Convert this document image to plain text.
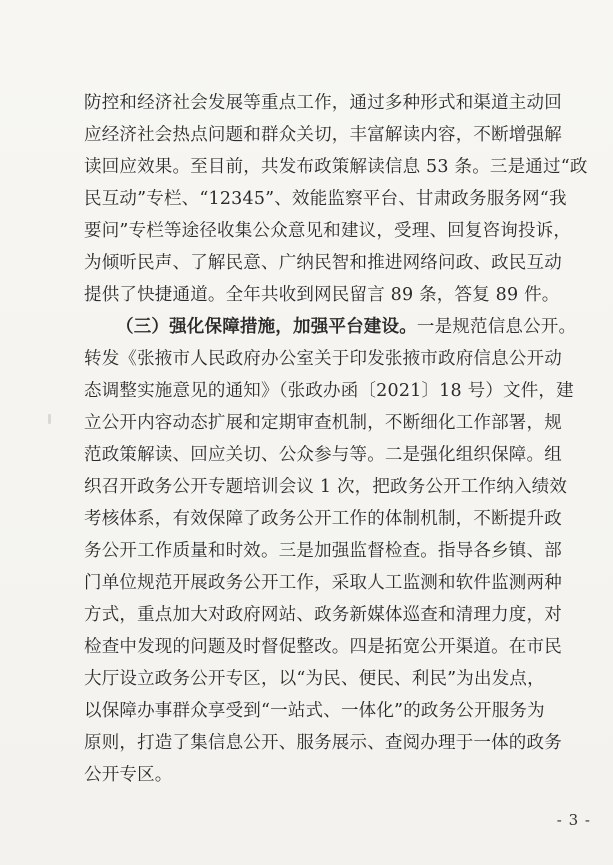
防控和经济社会发展等重点工作，通过多种形式和渠道主动回
应经济社会热点问题和群众关切，丰富解读内容，不断增强解
读回应效果。至目前，共发布政策解读信息 53 条。三是通过“政
民互动”专栏、“12345”、效能监察平台、甘肃政务服务网“我
要问”专栏等途径收集公众意见和建议，受理、回复咨询投诉，
为倾听民声、了解民意、广纳民智和推进网络问政、政民互动
提供了快捷通道。全年共收到网民留言 89 条，答复 89 件。
（三）强化保障措施，加强平台建设。一是规范信息公开。
转发《张掖市人民政府办公室关于印发张掖市政府信息公开动
态调整实施意见的通知》（张政办函〔2021〕18 号）文件，建
立公开内容动态扩展和定期审查机制，不断细化工作部署，规
范政策解读、回应关切、公众参与等。二是强化组织保障。组
织召开政务公开专题培训会议 1 次，把政务公开工作纳入绩效
考核体系，有效保障了政务公开工作的体制机制，不断提升政
务公开工作质量和时效。三是加强监督检查。指导各乡镇、部
门单位规范开展政务公开工作，采取人工监测和软件监测两种
方式，重点加大对政府网站、政务新媒体巡查和清理力度，对
检查中发现的问题及时督促整改。四是拓宽公开渠道。在市民
大厅设立政务公开专区，以“为民、便民、利民”为出发点，
以保障办事群众享受到“一站式、一体化”的政务公开服务为
原则，打造了集信息公开、服务展示、查阅办理于一体的政务
公开专区。
- 3 -
